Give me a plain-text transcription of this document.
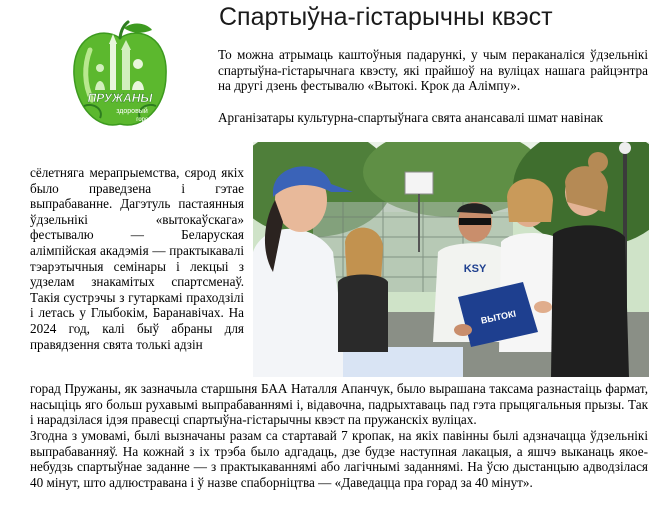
Спартыўна-гістарычны квэст
ПРУЖАНЫ
здоровый
город

То можна атрымаць каштоўныя падарункі, у чым пераканаліся ўдзельнікі спартыўна-гістарычнага квэсту, які прайшоў на вуліцах нашага райцэнтра на другі дзень фестывалю «Вытокі. Крок да Алімпу».

Арганізатары культурна-спартыўнага свята анансавалі шмат навінак

сёлетняга мерапрыемства, сярод якіх было праведзена і гэтае выпрабаванне. Дагэтуль пастаянныя ўдзельнікі «вытокаўскага» фестывалю — Беларуская алімпійская акадэмія — практыкавалі тэарэтычныя семінары і лекцыі з удзелам знакамітых спартсменаў. Такія сустрэчы з гутаркамі праходзілі і летась у Глыбокім, Баранавічах. На 2024 год, калі быў абраны для правядзення свята толькі адзін

KSY
ВЫТОКІ

горад Пружаны, як зазначыла старшыня БАА Наталля Апанчук, было вырашана таксама разнастаіць фармат, насыціць яго больш рухавымі выпрабаваннямі і, відавочна, падрыхтаваць пад гэта прыцягальныя прызы. Так і нарадзілася ідэя правесці спартыўна-гістарычны квэст па пружанскіх вуліцах.

Згодна з умовамі, былі вызначаны разам са стартавай 7 кропак, на якіх павінны былі адзначацца ўдзельнікі выпрабаванняў. На кожнай з іх трэба было адгадаць, дзе будзе наступная лакацыя, а яшчэ выканаць якое-небудзь спартыўнае заданне — з практыкаваннямі або лагічнымі заданнямі. На ўсю дыстанцыю адводзілася 40 мінут, што адлюстравана і ў назве спаборніцтва — «Даведацца пра горад за 40 мінут».
